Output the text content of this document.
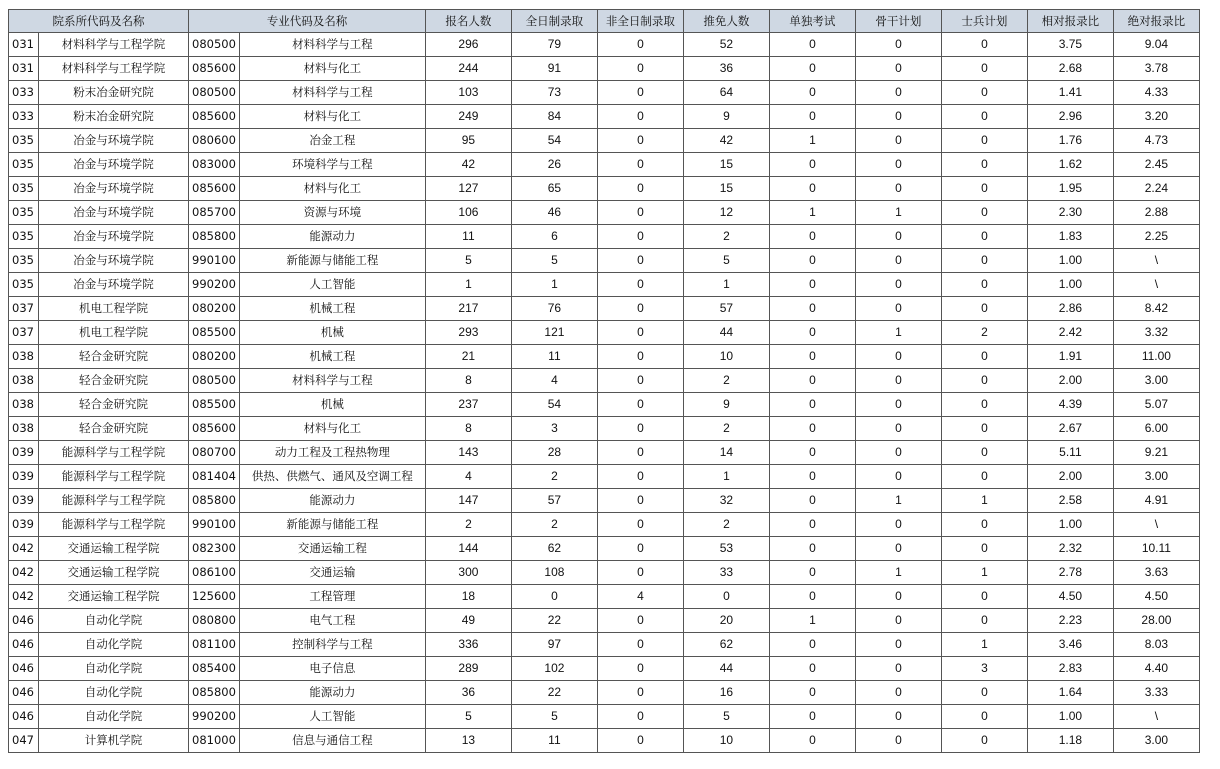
院系所代码及名称		专业代码及名称		报名人数	全日制录取	非全日制录取	推免人数	单独考试	骨干计划	士兵计划	相对报录比	绝对报录比
031	材料科学与工程学院	080500	材料科学与工程	296	79	0	52	0	0	0	3.75	9.04
031	材料科学与工程学院	085600	材料与化工	244	91	0	36	0	0	0	2.68	3.78
033	粉末冶金研究院	080500	材料科学与工程	103	73	0	64	0	0	0	1.41	4.33
033	粉末冶金研究院	085600	材料与化工	249	84	0	9	0	0	0	2.96	3.20
035	冶金与环境学院	080600	冶金工程	95	54	0	42	1	0	0	1.76	4.73
035	冶金与环境学院	083000	环境科学与工程	42	26	0	15	0	0	0	1.62	2.45
035	冶金与环境学院	085600	材料与化工	127	65	0	15	0	0	0	1.95	2.24
035	冶金与环境学院	085700	资源与环境	106	46	0	12	1	1	0	2.30	2.88
035	冶金与环境学院	085800	能源动力	11	6	0	2	0	0	0	1.83	2.25
035	冶金与环境学院	990100	新能源与储能工程	5	5	0	5	0	0	0	1.00	\
035	冶金与环境学院	990200	人工智能	1	1	0	1	0	0	0	1.00	\
037	机电工程学院	080200	机械工程	217	76	0	57	0	0	0	2.86	8.42
037	机电工程学院	085500	机械	293	121	0	44	0	1	2	2.42	3.32
038	轻合金研究院	080200	机械工程	21	11	0	10	0	0	0	1.91	11.00
038	轻合金研究院	080500	材料科学与工程	8	4	0	2	0	0	0	2.00	3.00
038	轻合金研究院	085500	机械	237	54	0	9	0	0	0	4.39	5.07
038	轻合金研究院	085600	材料与化工	8	3	0	2	0	0	0	2.67	6.00
039	能源科学与工程学院	080700	动力工程及工程热物理	143	28	0	14	0	0	0	5.11	9.21
039	能源科学与工程学院	081404	供热、供燃气、通风及空调工程	4	2	0	1	0	0	0	2.00	3.00
039	能源科学与工程学院	085800	能源动力	147	57	0	32	0	1	1	2.58	4.91
039	能源科学与工程学院	990100	新能源与储能工程	2	2	0	2	0	0	0	1.00	\
042	交通运输工程学院	082300	交通运输工程	144	62	0	53	0	0	0	2.32	10.11
042	交通运输工程学院	086100	交通运输	300	108	0	33	0	1	1	2.78	3.63
042	交通运输工程学院	125600	工程管理	18	0	4	0	0	0	0	4.50	4.50
046	自动化学院	080800	电气工程	49	22	0	20	1	0	0	2.23	28.00
046	自动化学院	081100	控制科学与工程	336	97	0	62	0	0	1	3.46	8.03
046	自动化学院	085400	电子信息	289	102	0	44	0	0	3	2.83	4.40
046	自动化学院	085800	能源动力	36	22	0	16	0	0	0	1.64	3.33
046	自动化学院	990200	人工智能	5	5	0	5	0	0	0	1.00	\
047	计算机学院	081000	信息与通信工程	13	11	0	10	0	0	0	1.18	3.00
